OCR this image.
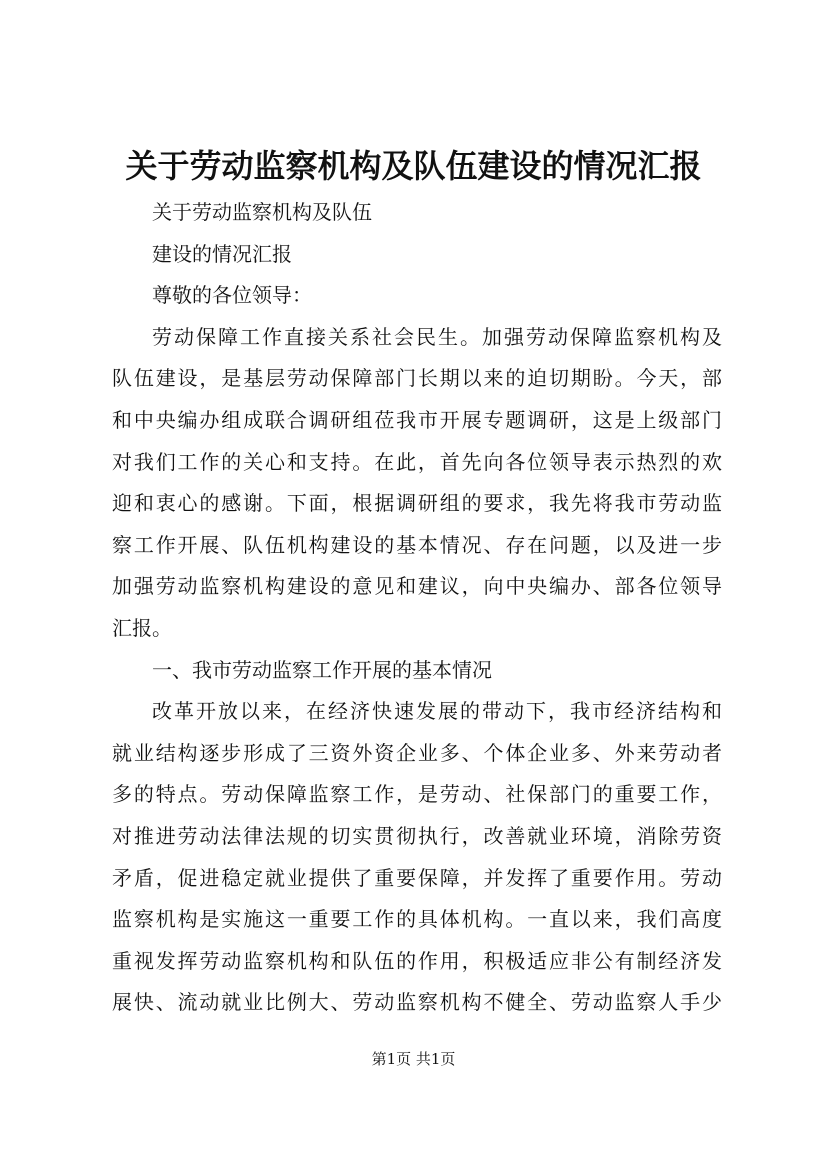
关于劳动监察机构及队伍建设的情况汇报
关于劳动监察机构及队伍
建设的情况汇报
尊敬的各位领导：
劳动保障工作直接关系社会民生。加强劳动保障监察机构及
队伍建设，是基层劳动保障部门长期以来的迫切期盼。今天，部
和中央编办组成联合调研组莅我市开展专题调研，这是上级部门
对我们工作的关心和支持。在此，首先向各位领导表示热烈的欢
迎和衷心的感谢。下面，根据调研组的要求，我先将我市劳动监
察工作开展、队伍机构建设的基本情况、存在问题，以及进一步
加强劳动监察机构建设的意见和建议，向中央编办、部各位领导
汇报。
一、我市劳动监察工作开展的基本情况
改革开放以来，在经济快速发展的带动下，我市经济结构和
就业结构逐步形成了三资外资企业多、个体企业多、外来劳动者
多的特点。劳动保障监察工作，是劳动、社保部门的重要工作，
对推进劳动法律法规的切实贯彻执行，改善就业环境，消除劳资
矛盾，促进稳定就业提供了重要保障，并发挥了重要作用。劳动
监察机构是实施这一重要工作的具体机构。一直以来，我们高度
重视发挥劳动监察机构和队伍的作用，积极适应非公有制经济发
展快、流动就业比例大、劳动监察机构不健全、劳动监察人手少
第1页 共1页
